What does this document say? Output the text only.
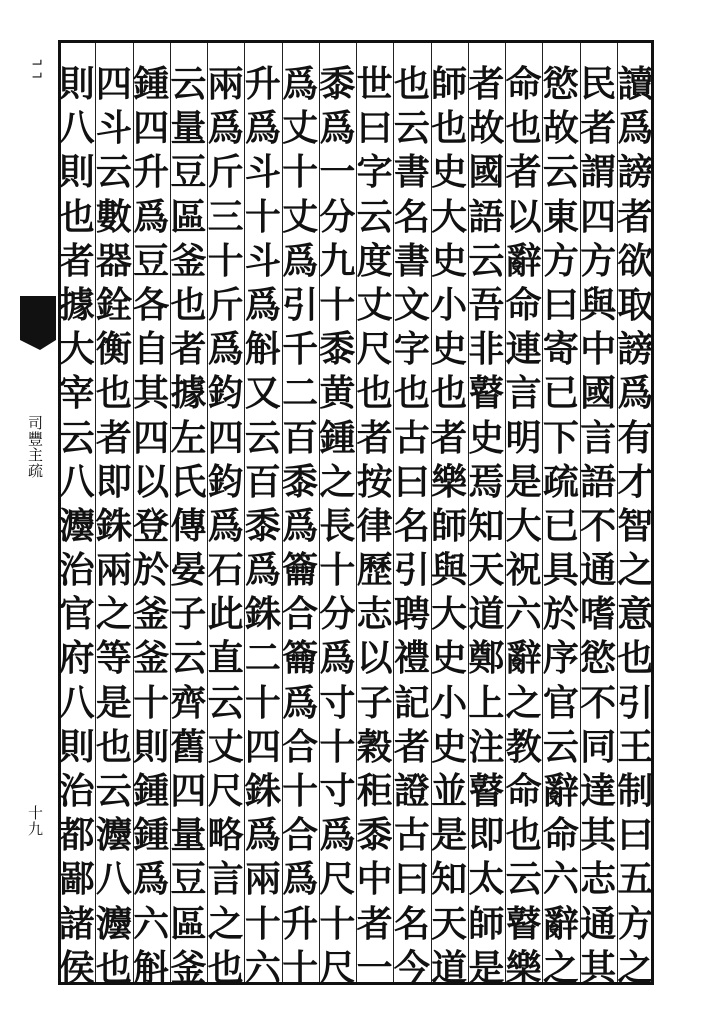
┐ ┐
司豐主疏
十九
讀
爲
謗
者
欲
取
謗
爲
有
才
智
之
意
也
引
王
制
曰
五
方
之
民
者
謂
四
方
與
中
國
言
語
不
通
嗜
慾
不
同
達
其
志
通
其
慾
故
云
東
方
曰
寄
已
下
疏
已
具
於
序
官
云
辭
命
六
辭
之
命
也
者
以
辭
命
連
言
明
是
大
祝
六
辭
之
教
命
也
云
瞽
樂
者
故
國
語
云
吾
非
瞽
史
焉
知
天
道
鄭
上
注
瞽
即
太
師
是
師
也
史
大
史
小
史
也
者
樂
師
與
大
史
小
史
並
是
知
天
道
也
云
書
名
書
文
字
也
古
曰
名
引
聘
禮
記
者
證
古
曰
名
今
世
曰
字
云
度
丈
尺
也
者
按
律
歷
志
以
子
穀
秬
黍
中
者
一
黍
爲
一
分
九
十
黍
黄
鍾
之
長
十
分
爲
寸
十
寸
爲
尺
十
尺
爲
丈
十
丈
爲
引
千
二
百
黍
爲
籥
合
籥
爲
合
十
合
爲
升
十
升
爲
斗
十
斗
爲
斛
又
云
百
黍
爲
銖
二
十
四
銖
爲
兩
十
六
兩
爲
斤
三
十
斤
爲
鈞
四
鈞
爲
石
此
直
云
丈
尺
略
言
之
也
云
量
豆
區
釜
也
者
據
左
氏
傳
晏
子
云
齊
舊
四
量
豆
區
釜
鍾
四
升
爲
豆
各
自
其
四
以
登
於
釜
釜
十
則
鍾
鍾
爲
六
斛
四
斗
云
數
器
銓
衡
也
者
即
銖
兩
之
等
是
也
云
灋
八
灋
也
則
八
則
也
者
據
大
宰
云
八
灋
治
官
府
八
則
治
都
鄙
諸
侯
